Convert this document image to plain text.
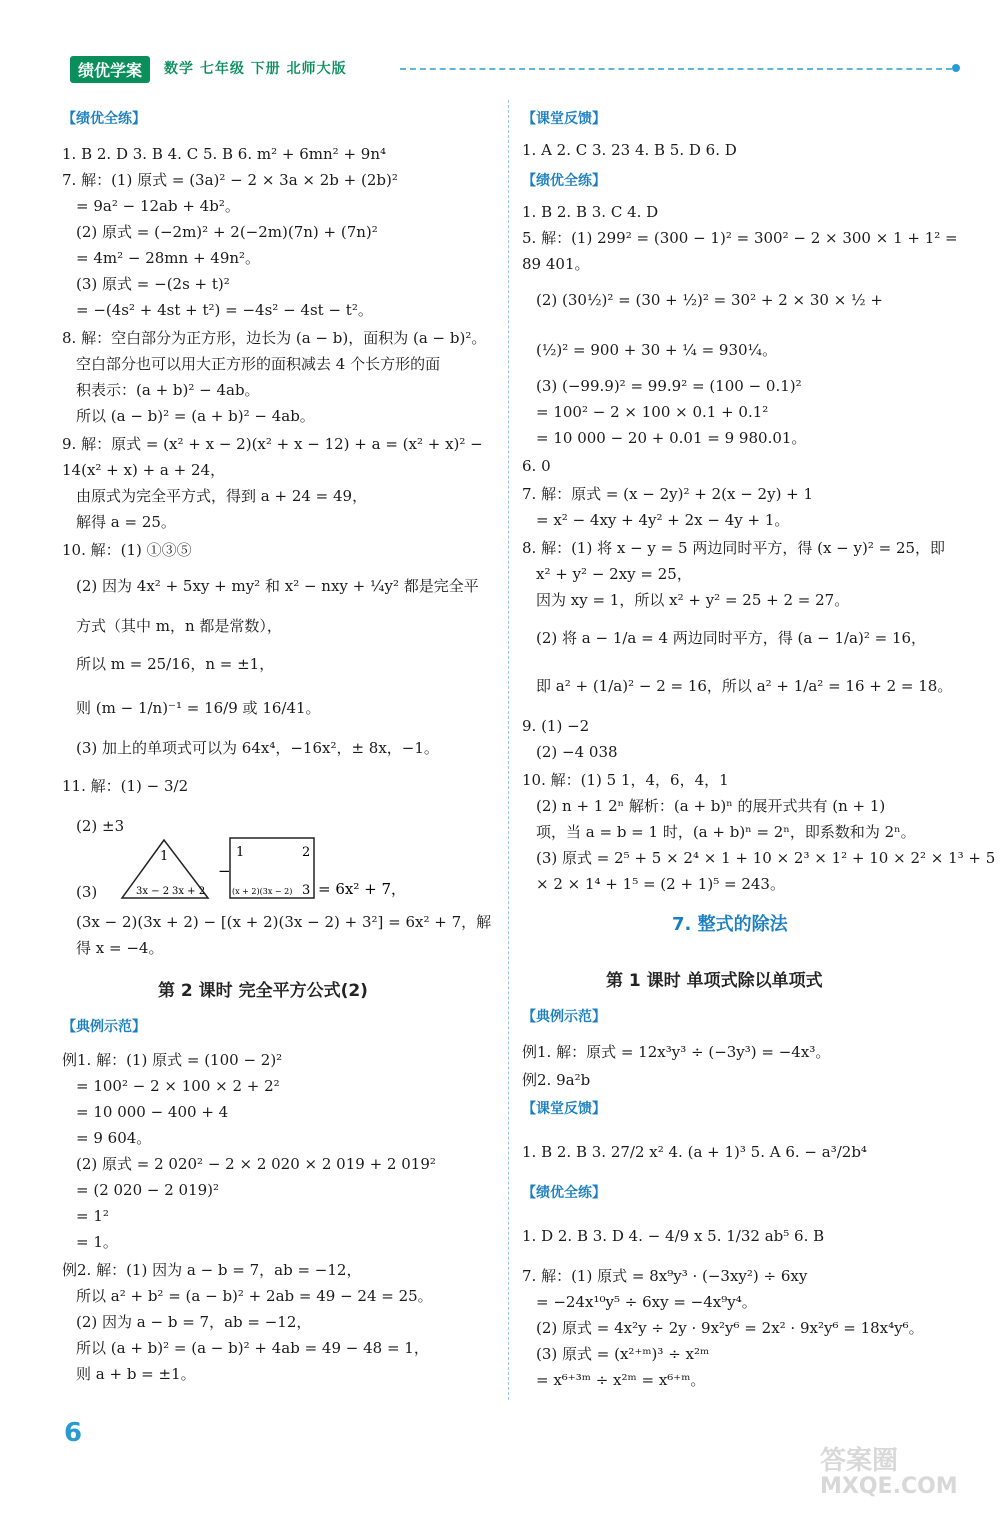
绩优学案	数学 七年级 下册 北师大版
【绩优全练】
1. B 2. D 3. B 4. C 5. B 6. m² + 6mn² + 9n⁴
7. 解：(1) 原式 = (3a)² − 2 × 3a × 2b + (2b)²
= 9a² − 12ab + 4b²。
(2) 原式 = (−2m)² + 2(−2m)(7n) + (7n)²
= 4m² − 28mn + 49n²。
(3) 原式 = −(2s + t)²
= −(4s² + 4st + t²) = −4s² − 4st − t²。
8. 解：空白部分为正方形，边长为 (a − b)，面积为 (a − b)²。
空白部分也可以用大正方形的面积减去 4 个长方形的面
积表示：(a + b)² − 4ab。
所以 (a − b)² = (a + b)² − 4ab。
9. 解：原式 = (x² + x − 2)(x² + x − 12) + a = (x² + x)² −
14(x² + x) + a + 24，
由原式为完全平方式，得到 a + 24 = 49，
解得 a = 25。
10. 解：(1) ①③⑤
(2) 因为 4x² + 5xy + my² 和 x² − nxy + ¼y² 都是完全平
方式（其中 m，n 都是常数），
所以 m = 25/16，n = ±1，
则 (m − 1/n)⁻¹ = 16/9 或 16/41。
(3) 加上的单项式可以为 64x⁴，−16x²，± 8x，−1。
11. 解：(1) − 3/2
(2) ±3
(3)
(3x − 2)(3x + 2) − [(x + 2)(3x − 2) + 3²] = 6x² + 7，解
得 x = −4。
第 2 课时 完全平方公式(2)
【典例示范】
例1. 解：(1) 原式 = (100 − 2)²
= 100² − 2 × 100 × 2 + 2²
= 10 000 − 400 + 4
= 9 604。
(2) 原式 = 2 020² − 2 × 2 020 × 2 019 + 2 019²
= (2 020 − 2 019)²
= 1²
= 1。
例2. 解：(1) 因为 a − b = 7，ab = −12，
所以 a² + b² = (a − b)² + 2ab = 49 − 24 = 25。
(2) 因为 a − b = 7，ab = −12，
所以 (a + b)² = (a − b)² + 4ab = 49 − 48 = 1，
则 a + b = ±1。
【课堂反馈】
1. A 2. C 3. 23 4. B 5. D 6. D
【绩优全练】
1. B 2. B 3. C 4. D
5. 解：(1) 299² = (300 − 1)² = 300² − 2 × 300 × 1 + 1² =
89 401。
(2) (30½)² = (30 + ½)² = 30² + 2 × 30 × ½ +
(½)² = 900 + 30 + ¼ = 930¼。
(3) (−99.9)² = 99.9² = (100 − 0.1)²
= 100² − 2 × 100 × 0.1 + 0.1²
= 10 000 − 20 + 0.01 = 9 980.01。
6. 0
7. 解：原式 = (x − 2y)² + 2(x − 2y) + 1
= x² − 4xy + 4y² + 2x − 4y + 1。
8. 解：(1) 将 x − y = 5 两边同时平方，得 (x − y)² = 25，即
x² + y² − 2xy = 25，
因为 xy = 1，所以 x² + y² = 25 + 2 = 27。
(2) 将 a − 1/a = 4 两边同时平方，得 (a − 1/a)² = 16，
即 a² + (1/a)² − 2 = 16，所以 a² + 1/a² = 16 + 2 = 18。
9. (1) −2
(2) −4 038
10. 解：(1) 5 1，4，6，4，1
(2) n + 1 2ⁿ 解析：(a + b)ⁿ 的展开式共有 (n + 1)
项，当 a = b = 1 时，(a + b)ⁿ = 2ⁿ，即系数和为 2ⁿ。
(3) 原式 = 2⁵ + 5 × 2⁴ × 1 + 10 × 2³ × 1² + 10 × 2² × 1³ + 5
× 2 × 1⁴ + 1⁵ = (2 + 1)⁵ = 243。
7. 整式的除法
第 1 课时 单项式除以单项式
【典例示范】
例1. 解：原式 = 12x³y³ ÷ (−3y³) = −4x³。
例2. 9a²b
【课堂反馈】
1. B 2. B 3. 27/2 x² 4. (a + 1)³ 5. A 6. − a³/2b⁴
【绩优全练】
1. D 2. B 3. D 4. − 4/9 x 5. 1/32 ab⁵ 6. B
7. 解：(1) 原式 = 8x⁹y³ · (−3xy²) ÷ 6xy
= −24x¹⁰y⁵ ÷ 6xy = −4x⁹y⁴。
(2) 原式 = 4x²y ÷ 2y · 9x²y⁶ = 2x² · 9x²y⁶ = 18x⁴y⁶。
(3) 原式 = (x²⁺ᵐ)³ ÷ x²ᵐ
= x⁶⁺³ᵐ ÷ x²ᵐ = x⁶⁺ᵐ。
1
3x − 2 3x + 2
−
1	2
(x + 2)(3x − 2) 3 = 6x² + 7，
6
答案圈
MXQE.COM
